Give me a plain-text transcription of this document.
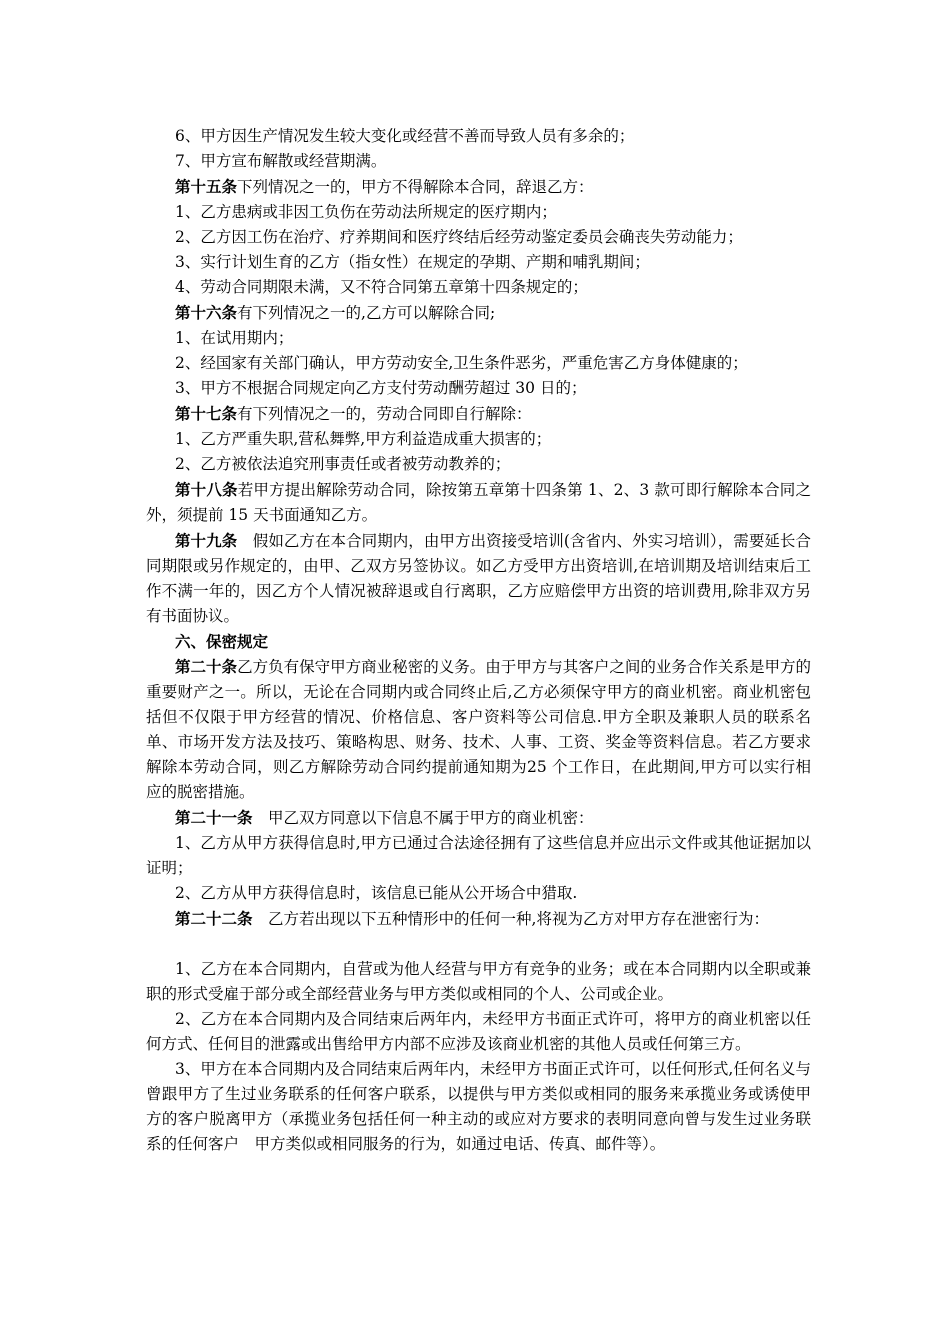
6、甲方因生产情况发生较大变化或经营不善而导致人员有多余的；

7、甲方宣布解散或经营期满。

第十五条下列情况之一的，甲方不得解除本合同，辞退乙方：

1、乙方患病或非因工负伤在劳动法所规定的医疗期内；

2、乙方因工伤在治疗、疗养期间和医疗终结后经劳动鉴定委员会确丧失劳动能力；

3、实行计划生育的乙方（指女性）在规定的孕期、产期和哺乳期间；

4、劳动合同期限未满，又不符合同第五章第十四条规定的；

第十六条有下列情况之一的,乙方可以解除合同;

1、在试用期内；

2、经国家有关部门确认，甲方劳动安全,卫生条件恶劣，严重危害乙方身体健康的；

3、甲方不根据合同规定向乙方支付劳动酬劳超过 30 日的；

第十七条有下列情况之一的，劳动合同即自行解除：

1、乙方严重失职,营私舞弊,甲方利益造成重大损害的；

2、乙方被依法追究刑事责任或者被劳动教养的；

第十八条若甲方提出解除劳动合同，除按第五章第十四条第 1、2、3 款可即行解除本合同之外，须提前 15 天书面通知乙方。

第十九条　假如乙方在本合同期内，由甲方出资接受培训(含省内、外实习培训），需要延长合同期限或另作规定的，由甲、乙双方另签协议。如乙方受甲方出资培训,在培训期及培训结束后工作不满一年的，因乙方个人情况被辞退或自行离职，乙方应赔偿甲方出资的培训费用,除非双方另有书面协议。

六、保密规定

第二十条乙方负有保守甲方商业秘密的义务。由于甲方与其客户之间的业务合作关系是甲方的重要财产之一。所以，无论在合同期内或合同终止后,乙方必须保守甲方的商业机密。商业机密包括但不仅限于甲方经营的情况、价格信息、客户资料等公司信息.甲方全职及兼职人员的联系名单、市场开发方法及技巧、策略构思、财务、技术、人事、工资、奖金等资料信息。若乙方要求解除本劳动合同，则乙方解除劳动合同约提前通知期为25 个工作日，在此期间,甲方可以实行相应的脱密措施。

第二十一条　甲乙双方同意以下信息不属于甲方的商业机密：

1、乙方从甲方获得信息时,甲方已通过合法途径拥有了这些信息并应出示文件或其他证据加以证明；

2、乙方从甲方获得信息时，该信息已能从公开场合中猎取.

第二十二条　乙方若出现以下五种情形中的任何一种,将视为乙方对甲方存在泄密行为：

1、乙方在本合同期内，自营或为他人经营与甲方有竞争的业务；或在本合同期内以全职或兼职的形式受雇于部分或全部经营业务与甲方类似或相同的个人、公司或企业。

2、乙方在本合同期内及合同结束后两年内，未经甲方书面正式许可，将甲方的商业机密以任何方式、任何目的泄露或出售给甲方内部不应涉及该商业机密的其他人员或任何第三方。

3、甲方在本合同期内及合同结束后两年内，未经甲方书面正式许可，以任何形式,任何名义与曾跟甲方了生过业务联系的任何客户联系，以提供与甲方类似或相同的服务来承揽业务或诱使甲方的客户脱离甲方（承揽业务包括任何一种主动的或应对方要求的表明同意向曾与发生过业务联系的任何客户　甲方类似或相同服务的行为，如通过电话、传真、邮件等）。
